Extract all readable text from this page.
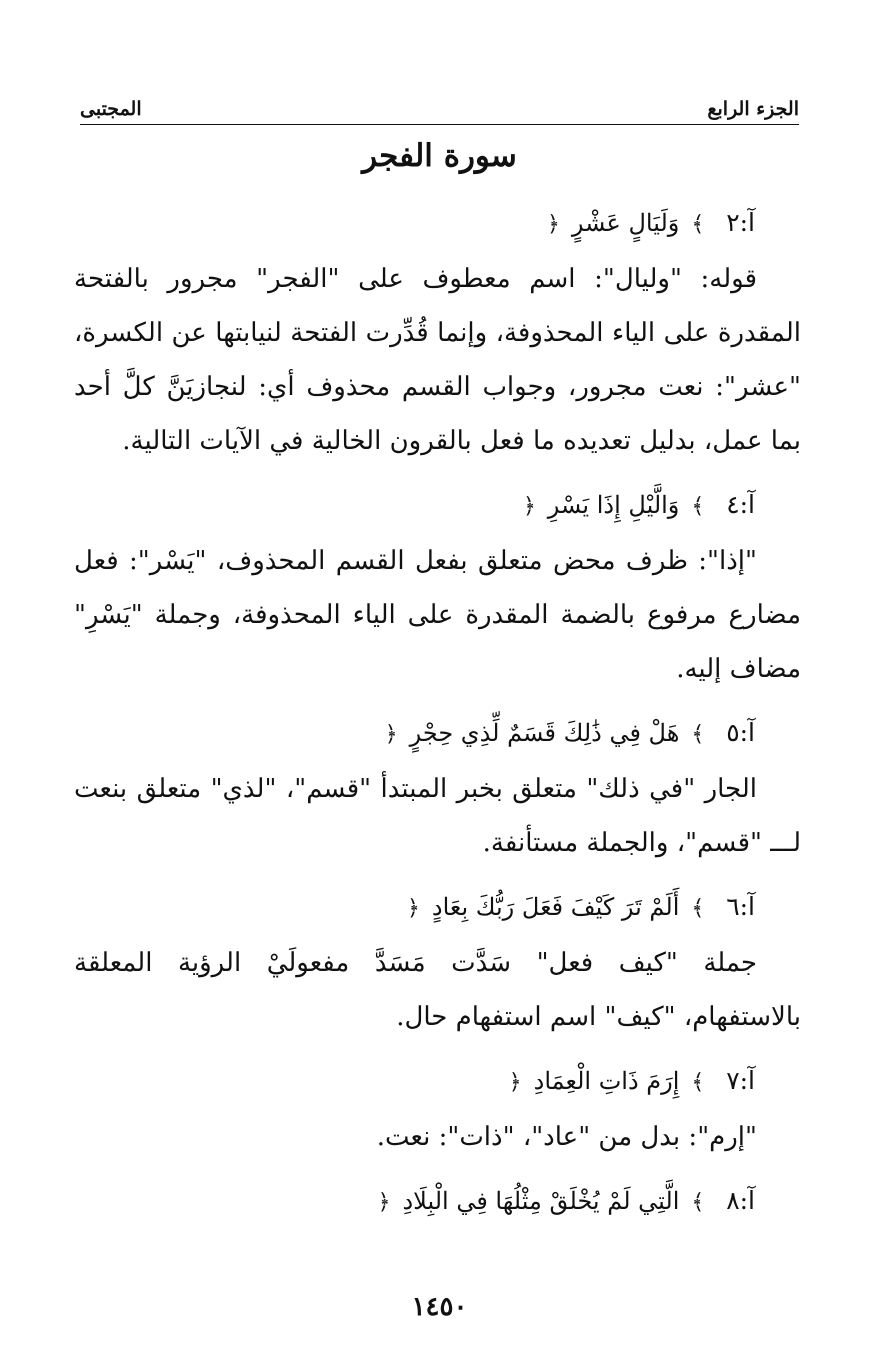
الجزء الرابع
المجتبى
سورة الفجر

آ:٢ ﴾ وَلَيَالٍ عَشْرٍ ﴿

قوله: "وليال": اسم معطوف على "الفجر" مجرور بالفتحة المقدرة على الياء المحذوفة، وإنما قُدِّرت الفتحة لنيابتها عن الكسرة، "عشر": نعت مجرور، وجواب القسم محذوف أي: لنجازيَنَّ كلَّ أحد بما عمل، بدليل تعديده ما فعل بالقرون الخالية في الآيات التالية.

آ:٤ ﴾ وَالَّيْلِ إِذَا يَسْرِ ﴿

"إذا": ظرف محض متعلق بفعل القسم المحذوف، "يَسْر": فعل مضارع مرفوع بالضمة المقدرة على الياء المحذوفة، وجملة "يَسْرِ" مضاف إليه.

آ:٥ ﴾ هَلْ فِي ذَٰلِكَ قَسَمٌ لِّذِي حِجْرٍ ﴿

الجار "في ذلك" متعلق بخبر المبتدأ "قسم"، "لذي" متعلق بنعت لـــ "قسم"، والجملة مستأنفة.

آ:٦ ﴾ أَلَمْ تَرَ كَيْفَ فَعَلَ رَبُّكَ بِعَادٍ ﴿

جملة "كيف فعل" سَدَّت مَسَدَّ مفعولَيْ الرؤية المعلقة بالاستفهام، "كيف" اسم استفهام حال.

آ:٧ ﴾ إِرَمَ ذَاتِ الْعِمَادِ ﴿

"إرم": بدل من "عاد"، "ذات": نعت.

آ:٨ ﴾ الَّتِي لَمْ يُخْلَقْ مِثْلُهَا فِي الْبِلَادِ ﴿

١٤٥٠
